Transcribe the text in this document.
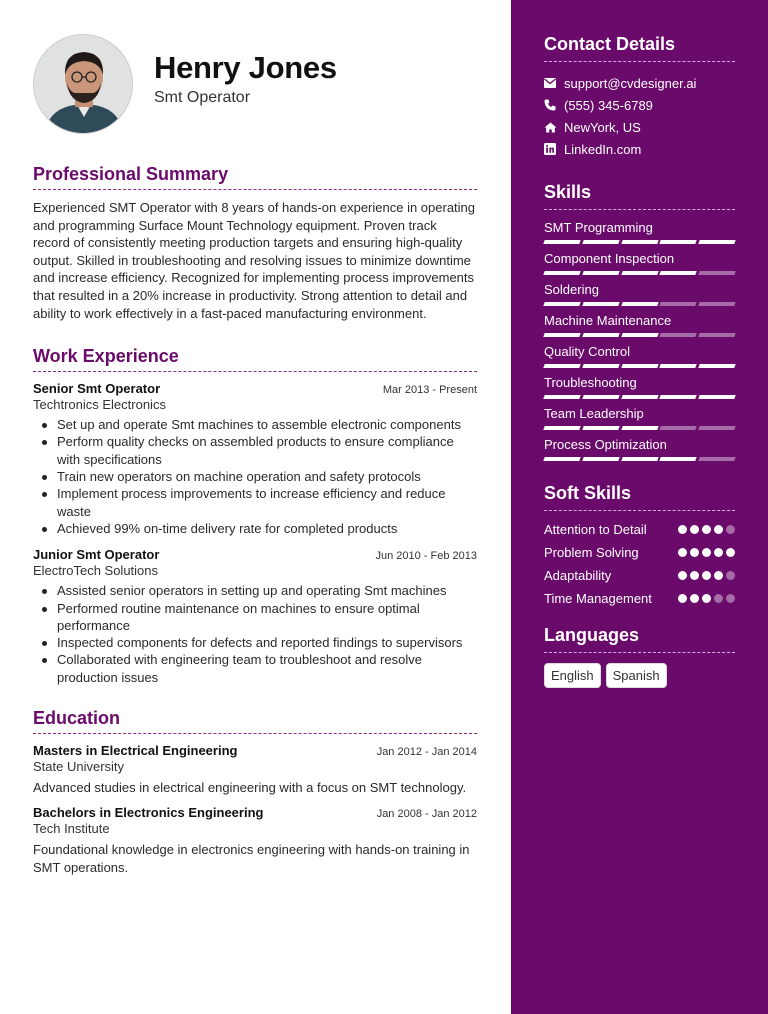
Henry Jones
Smt Operator
Professional Summary

Experienced SMT Operator with 8 years of hands-on experience in operating and programming Surface Mount Technology equipment. Proven track record of consistently meeting production targets and ensuring high-quality output. Skilled in troubleshooting and resolving issues to minimize downtime and increase efficiency. Recognized for implementing process improvements that resulted in a 20% increase in productivity. Strong attention to detail and ability to work effectively in a fast-paced manufacturing environment.

Work Experience
Senior Smt Operator	Mar 2013 - Present
Techtronics Electronics
Set up and operate Smt machines to assemble electronic components
Perform quality checks on assembled products to ensure compliance with specifications
Train new operators on machine operation and safety protocols
Implement process improvements to increase efficiency and reduce waste
Achieved 99% on-time delivery rate for completed products
Junior Smt Operator	Jun 2010 - Feb 2013
ElectroTech Solutions
Assisted senior operators in setting up and operating Smt machines
Performed routine maintenance on machines to ensure optimal performance
Inspected components for defects and reported findings to supervisors
Collaborated with engineering team to troubleshoot and resolve production issues
Education
Masters in Electrical Engineering	Jan 2012 - Jan 2014
State University
Advanced studies in electrical engineering with a focus on SMT technology.
Bachelors in Electronics Engineering	Jan 2008 - Jan 2012
Tech Institute
Foundational knowledge in electronics engineering with hands-on training in SMT operations.
Contact Details
support@cvdesigner.ai
(555) 345-6789
NewYork, US
LinkedIn.com
Skills
SMT Programming
Component Inspection
Soldering
Machine Maintenance
Quality Control
Troubleshooting
Team Leadership
Process Optimization
Soft Skills
Attention to Detail
Problem Solving
Adaptability
Time Management
Languages
English	Spanish
